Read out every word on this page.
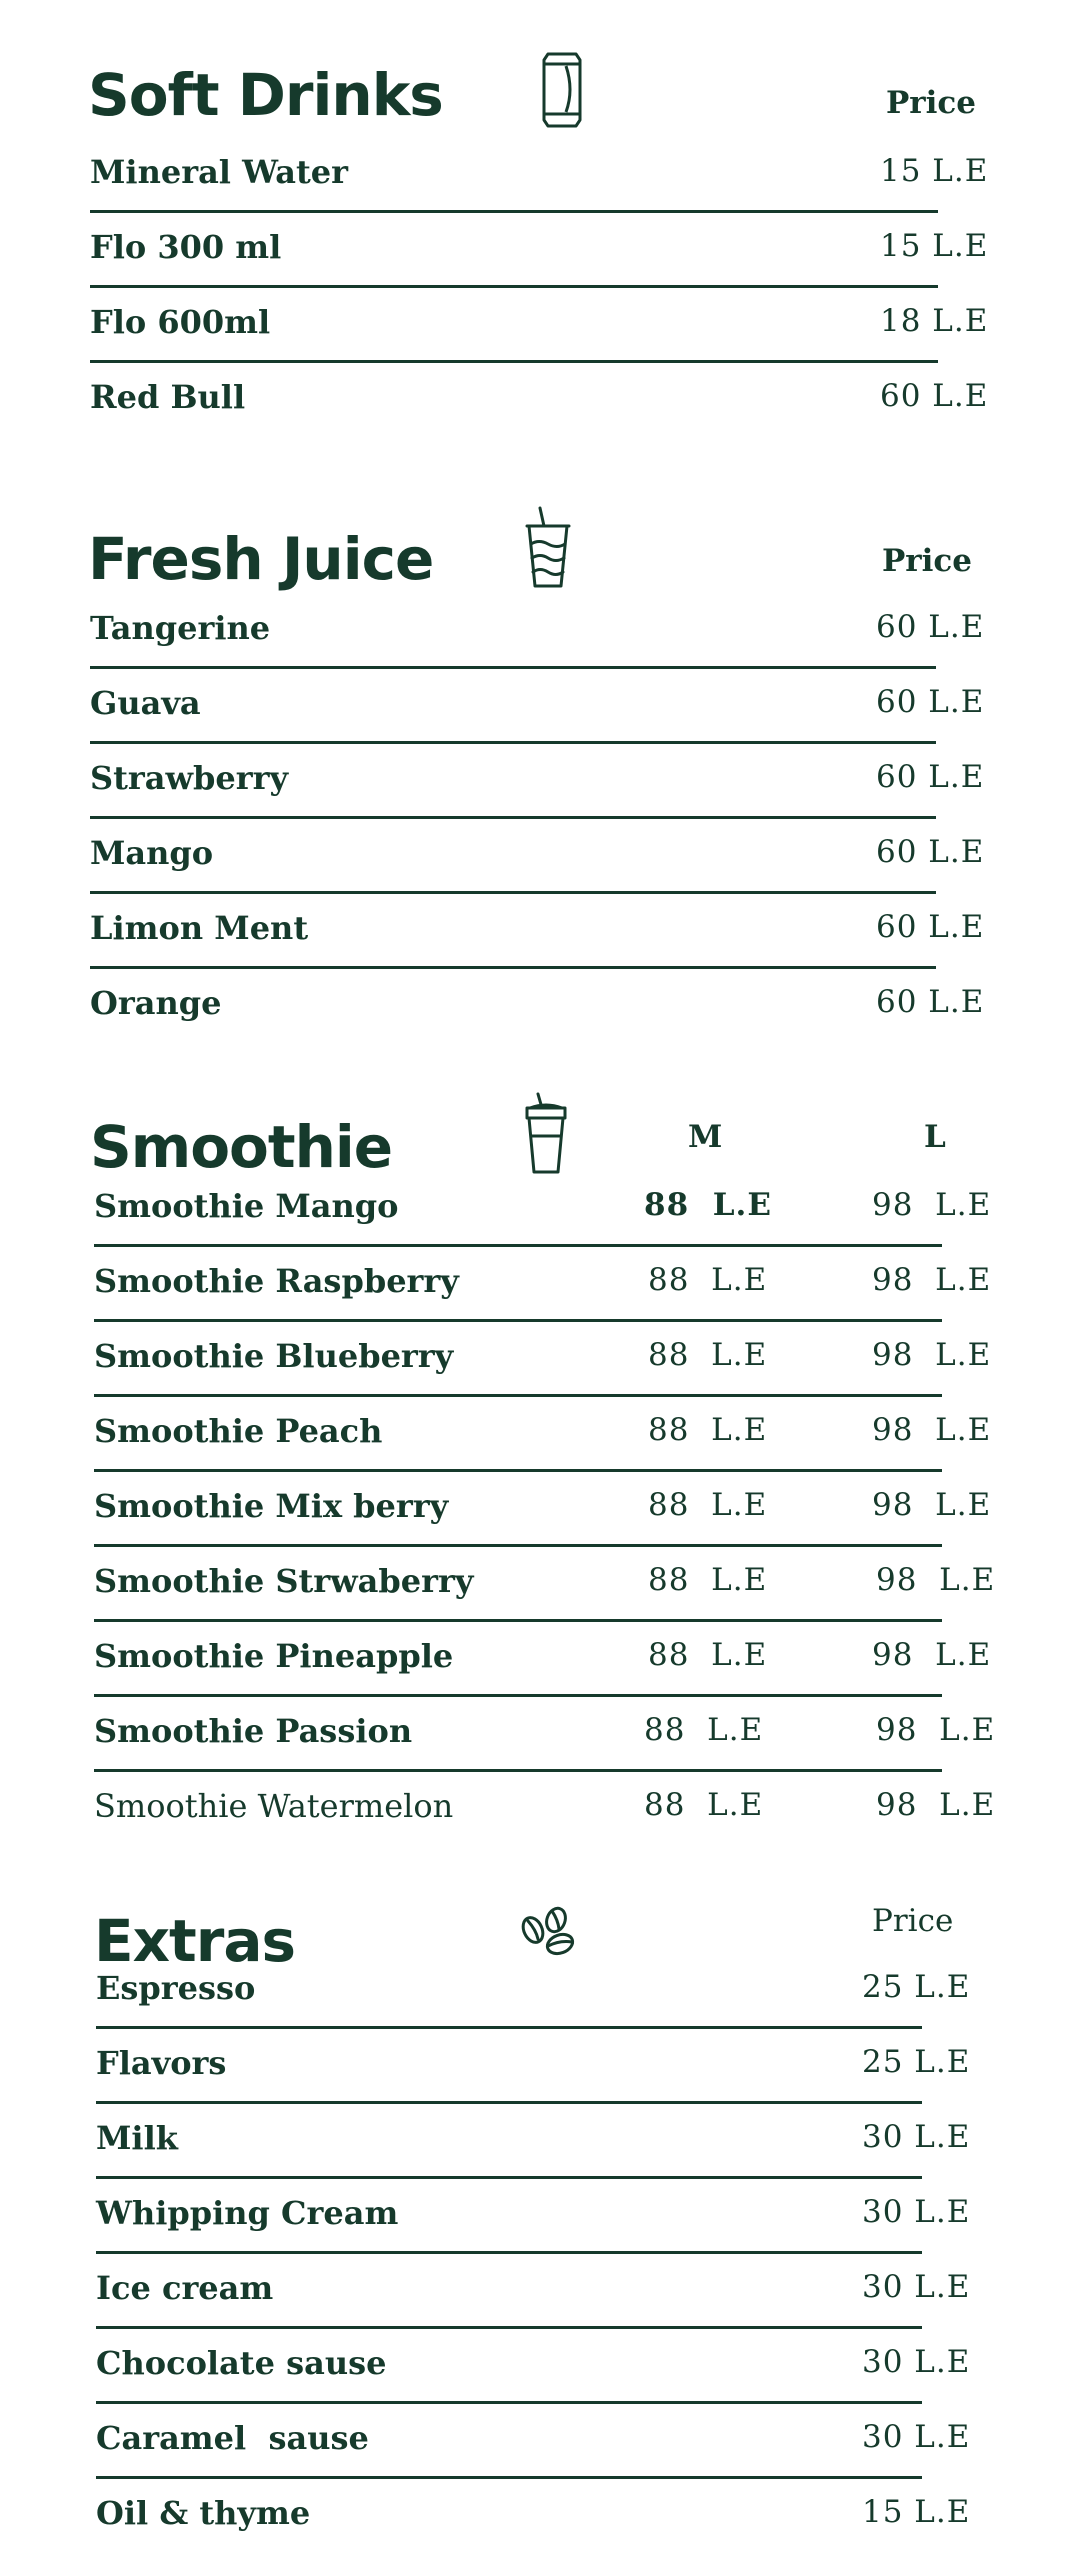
Soft Drinks	Price
Mineral Water	15 L.E
Flo 300 ml	15 L.E
Flo 600ml	18 L.E
Red Bull	60 L.E
Fresh Juice	Price
Tangerine	60 L.E
Guava	60 L.E
Strawberry	60 L.E
Mango	60 L.E
Limon Ment	60 L.E
Orange	60 L.E
Smoothie	M	L
Smoothie Mango	88  L.E	98  L.E
Smoothie Raspberry	88  L.E	98  L.E
Smoothie Blueberry	88  L.E	98  L.E
Smoothie Peach	88  L.E	98  L.E
Smoothie Mix berry	88  L.E	98  L.E
Smoothie Strwaberry	88  L.E	98  L.E
Smoothie Pineapple	88  L.E	98  L.E
Smoothie Passion	88  L.E	98  L.E
Smoothie Watermelon	88  L.E	98  L.E
Extras	Price
Espresso	25 L.E
Flavors	25 L.E
Milk	30 L.E
Whipping Cream	30 L.E
Ice cream	30 L.E
Chocolate sause	30 L.E
Caramel  sause	30 L.E
Oil & thyme	15 L.E
